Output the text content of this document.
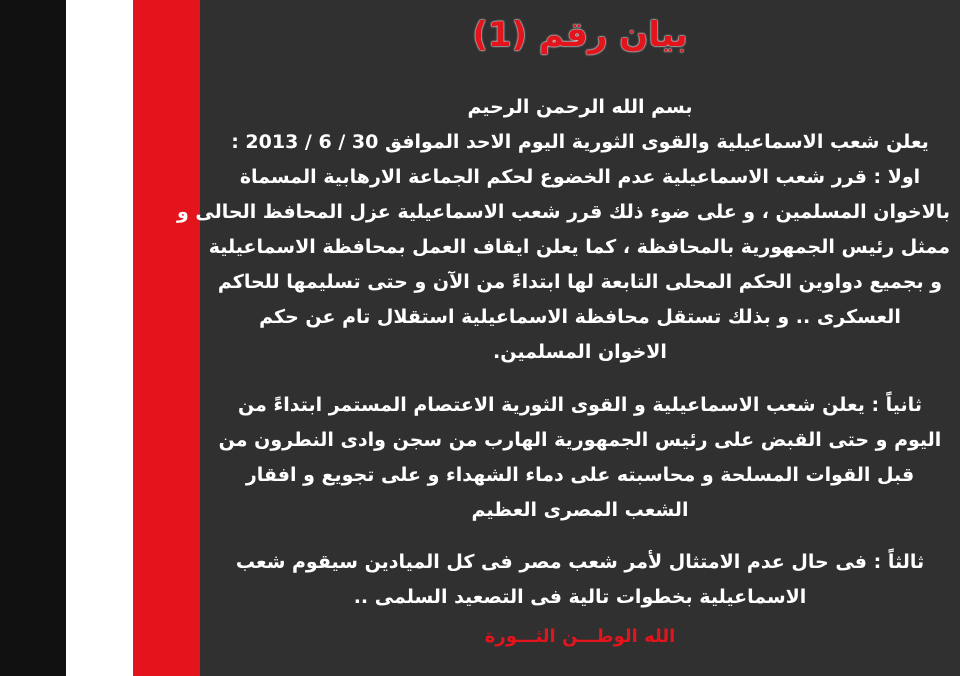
بيان رقم (1)
بسم الله الرحمن الرحيم
يعلن شعب الاسماعيلية والقوى الثورية اليوم الاحد الموافق 30 / 6 / 2013 :
اولا : قرر شعب الاسماعيلية عدم الخضوع لحكم الجماعة الارهابية المسماة
بالاخوان المسلمين ، و على ضوء ذلك قرر شعب الاسماعيلية عزل المحافظ الحالى و
ممثل رئيس الجمهورية بالمحافظة ، كما يعلن ايقاف العمل بمحافظة الاسماعيلية
و بجميع دواوين الحكم المحلى التابعة لها ابتداءً من الآن و حتى تسليمها للحاكم
العسكرى .. و بذلك تستقل محافظة الاسماعيلية استقلال تام عن حكم
الاخوان المسلمين.
ثانياً : يعلن شعب الاسماعيلية و القوى الثورية الاعتصام المستمر ابتداءً من
اليوم و حتى القبض على رئيس الجمهورية الهارب من سجن وادى النطرون من
قبل القوات المسلحة و محاسبته على دماء الشهداء و على تجويع و افقار
الشعب المصرى العظيم
ثالثاً : فى حال عدم الامتثال لأمر شعب مصر فى كل الميادين سيقوم شعب
الاسماعيلية بخطوات تالية فى التصعيد السلمى ..
الله الوطـــن الثـــورة
